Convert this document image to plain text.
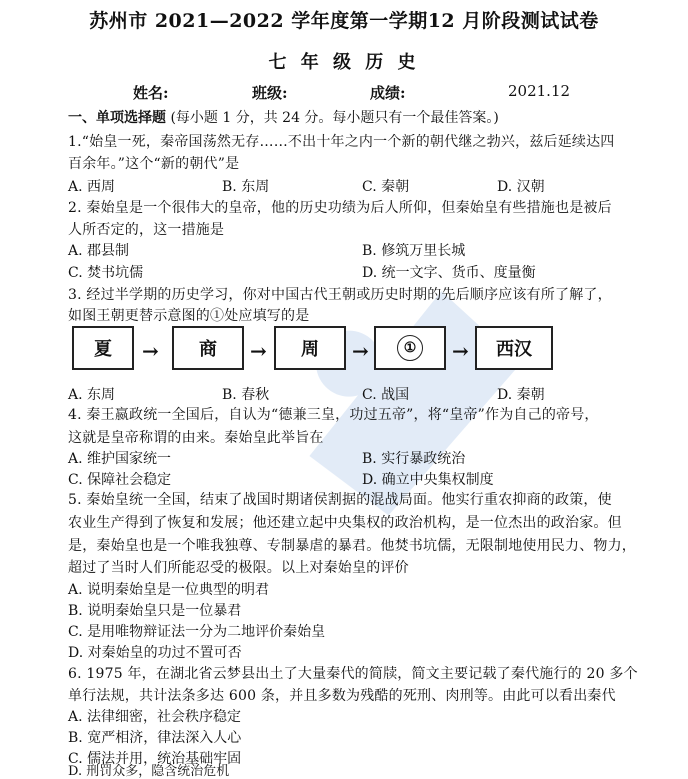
苏州市 2021—2022 学年度第一学期12 月阶段测试试卷
七 年 级 历 史
姓名:	班级:	成绩:	2021.12
一、单项选择题 (每小题 1 分，共 24 分。每小题只有一个最佳答案。)
1.“始皇一死，秦帝国荡然无存……不出十年之内一个新的朝代继之勃兴，兹后延续达四
百余年。”这个“新的朝代”是
A. 西周	B. 东周	C. 秦朝	D. 汉朝
2. 秦始皇是一个很伟大的皇帝，他的历史功绩为后人所仰，但秦始皇有些措施也是被后
人所否定的，这一措施是
A. 郡县制	B. 修筑万里长城
C. 焚书坑儒	D. 统一文字、货币、度量衡
3. 经过半学期的历史学习，你对中国古代王朝或历史时期的先后顺序应该有所了解了，
如图王朝更替示意图的①处应填写的是
夏	→	商	→	周	→	①	→	西汉
A. 东周	B. 春秋	C. 战国	D. 秦朝
4. 秦王嬴政统一全国后，自认为“德兼三皇，功过五帝”，将“皇帝”作为自己的帝号，
这就是皇帝称谓的由来。秦始皇此举旨在
A. 维护国家统一	B. 实行暴政统治
C. 保障社会稳定	D. 确立中央集权制度
5. 秦始皇统一全国，结束了战国时期诸侯割据的混战局面。他实行重农抑商的政策，使
农业生产得到了恢复和发展；他还建立起中央集权的政治机构，是一位杰出的政治家。但
是，秦始皇也是一个唯我独尊、专制暴虐的暴君。他焚书坑儒，无限制地使用民力、物力，
超过了当时人们所能忍受的极限。以上对秦始皇的评价
A. 说明秦始皇是一位典型的明君
B. 说明秦始皇只是一位暴君
C. 是用唯物辩证法一分为二地评价秦始皇
D. 对秦始皇的功过不置可否
6. 1975 年，在湖北省云梦县出土了大量秦代的简牍，简文主要记载了秦代施行的 20 多个
单行法规，共计法条多达 600 条，并且多数为残酷的死刑、肉刑等。由此可以看出秦代
A. 法律细密，社会秩序稳定
B. 宽严相济，律法深入人心
C. 儒法并用，统治基础牢固
D. 刑罚众多，隐含统治危机
